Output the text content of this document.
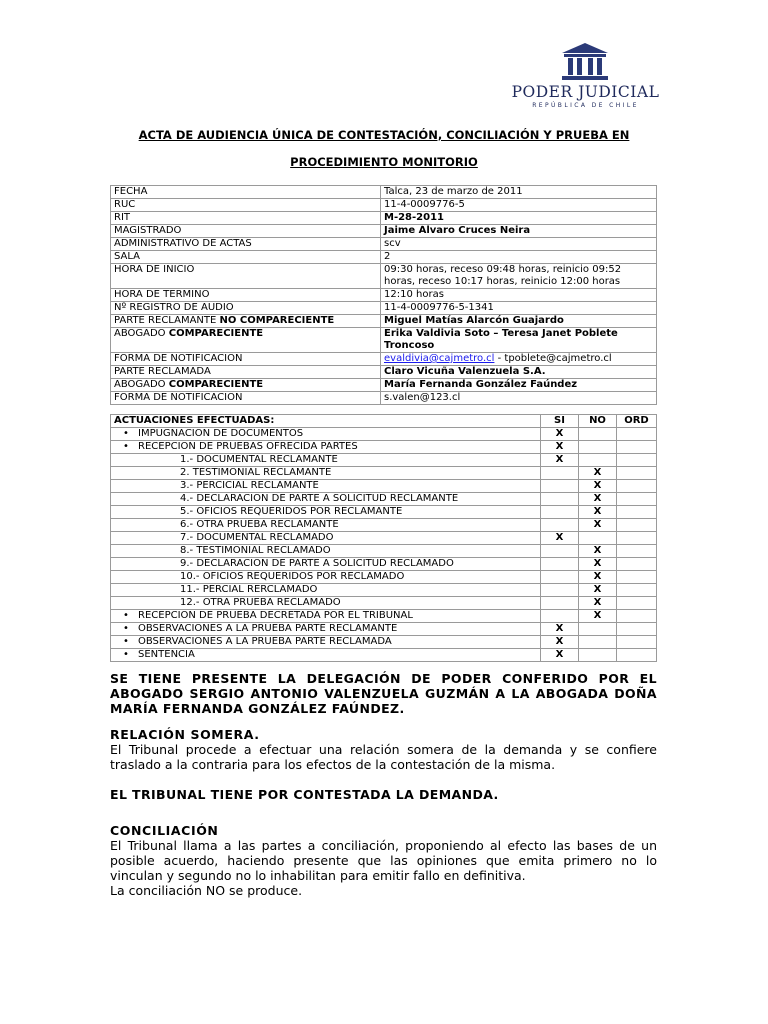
PODER JUDICIAL
REPÚBLICA DE CHILE
ACTA DE AUDIENCIA ÚNICA DE CONTESTACIÓN, CONCILIACIÓN Y PRUEBA EN
PROCEDIMIENTO MONITORIO
FECHA	Talca, 23 de marzo de 2011
RUC	11-4-0009776-5
RIT	M-28-2011
MAGISTRADO	Jaime Álvaro Cruces Neira
ADMINISTRATIVO DE ACTAS	scv
SALA	2
HORA DE INICIO	09:30 horas, receso 09:48 horas, reinicio 09:52 horas, receso 10:17 horas, reinicio 12:00 horas
HORA DE TERMINO	12:10 horas
Nº REGISTRO DE AUDIO	11-4-0009776-5-1341
PARTE RECLAMANTE NO COMPARECIENTE	Miguel Matías Alarcón Guajardo
ABOGADO COMPARECIENTE	Erika Valdivia Soto – Teresa Janet Poblete Troncoso
FORMA DE NOTIFICACION	evaldivia@cajmetro.cl - tpoblete@cajmetro.cl
PARTE RECLAMADA	Claro Vicuña Valenzuela S.A.
ABOGADO COMPARECIENTE	María Fernanda González Faúndez
FORMA DE NOTIFICACION	s.valen@123.cl
ACTUACIONES EFECTUADAS:	SI	NO	ORD
• IMPUGNACION DE DOCUMENTOS	X		
• RECEPCION DE PRUEBAS OFRECIDA PARTES	X		
1.- DOCUMENTAL RECLAMANTE	X		
2. TESTIMONIAL RECLAMANTE		X	
3.- PERCICIAL RECLAMANTE		X	
4.- DECLARACION DE PARTE A SOLICITUD RECLAMANTE		X	
5.- OFICIOS REQUERIDOS POR RECLAMANTE		X	
6.- OTRA PRUEBA RECLAMANTE		X	
7.- DOCUMENTAL RECLAMADO	X		
8.- TESTIMONIAL RECLAMADO		X	
9.- DECLARACION DE PARTE A SOLICITUD RECLAMADO		X	
10.- OFICIOS REQUERIDOS POR RECLAMADO		X	
11.- PERCIAL RERCLAMADO		X	
12.- OTRA PRUEBA RECLAMADO		X	
• RECEPCION DE PRUEBA DECRETADA POR EL TRIBUNAL		X	
• OBSERVACIONES A LA PRUEBA PARTE RECLAMANTE	X		
• OBSERVACIONES A LA PRUEBA PARTE RECLAMADA	X		
• SENTENCIA	X		
SE TIENE PRESENTE LA DELEGACIÓN DE PODER CONFERIDO POR EL ABOGADO SERGIO ANTONIO VALENZUELA GUZMÁN A LA ABOGADA DOÑA MARÍA FERNANDA GONZÁLEZ FAÚNDEZ.
RELACIÓN SOMERA.
El Tribunal procede a efectuar una relación somera de la demanda y se confiere traslado a la contraria para los efectos de la contestación de la misma.
EL TRIBUNAL TIENE POR CONTESTADA LA DEMANDA.
CONCILIACIÓN
El Tribunal llama a las partes a conciliación, proponiendo al efecto las bases de un posible acuerdo, haciendo presente que las opiniones que emita primero no lo vinculan y segundo no lo inhabilitan para emitir fallo en definitiva.
La conciliación NO se produce.
